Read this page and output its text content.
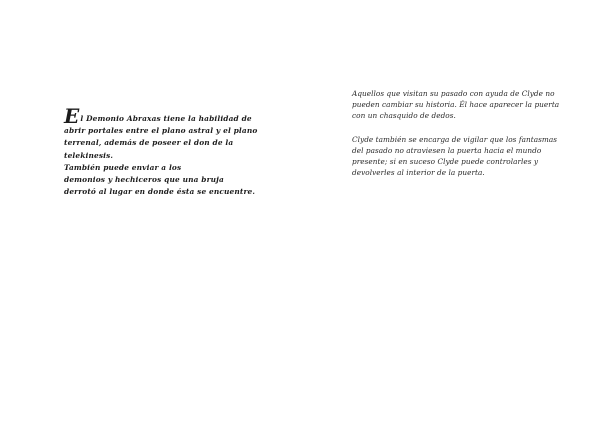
El Demonio Abraxas tiene la habilidad de
abrir portales entre el plano astral y el plano
terrenal, además de poseer el don de la
telekinesis.
También puede enviar a los
demonios y hechiceros que una bruja
derrotó al lugar en donde ésta se encuentre.
Aquellos que visitan su pasado con ayuda de Clyde no
pueden cambiar su historia. Él hace aparecer la puerta
con un chasquido de dedos.
Clyde también se encarga de vigilar que los fantasmas
del pasado no atraviesen la puerta hacia el mundo
presente; si en suceso Clyde puede controlarles y
devolverles al interior de la puerta.
